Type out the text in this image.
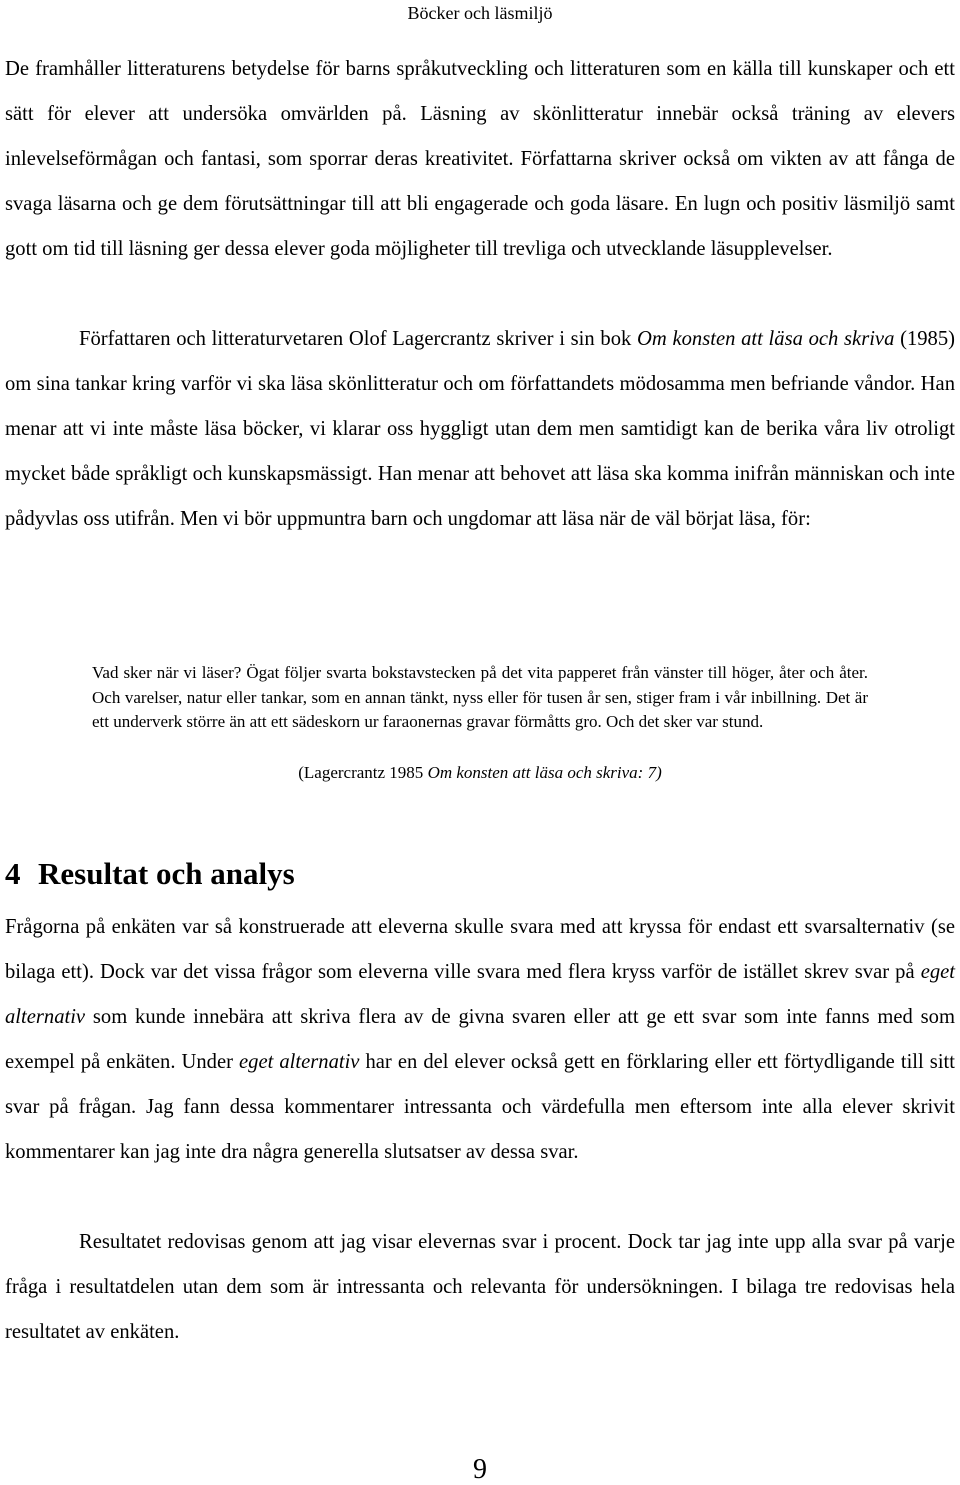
Böcker och läsmiljö

De framhåller litteraturens betydelse för barns språkutveckling och litteraturen som en källa till kunskaper och ett sätt för elever att undersöka omvärlden på. Läsning av skönlitteratur innebär också träning av elevers inlevelseförmågan och fantasi, som sporrar deras kreativitet. Författarna skriver också om vikten av att fånga de svaga läsarna och ge dem förutsättningar till att bli engagerade och goda läsare. En lugn och positiv läsmiljö samt gott om tid till läsning ger dessa elever goda möjligheter till trevliga och utvecklande läsupplevelser.

Författaren och litteraturvetaren Olof Lagercrantz skriver i sin bok Om konsten att läsa och skriva (1985) om sina tankar kring varför vi ska läsa skönlitteratur och om författandets mödosamma men befriande våndor. Han menar att vi inte måste läsa böcker, vi klarar oss hyggligt utan dem men samtidigt kan de berika våra liv otroligt mycket både språkligt och kunskapsmässigt. Han menar att behovet att läsa ska komma inifrån människan och inte pådyvlas oss utifrån. Men vi bör uppmuntra barn och ungdomar att läsa när de väl börjat läsa, för:

Vad sker när vi läser? Ögat följer svarta bokstavstecken på det vita papperet från vänster till höger, åter och åter. Och varelser, natur eller tankar, som en annan tänkt, nyss eller för tusen år sen, stiger fram i vår inbillning. Det är ett underverk större än att ett sädeskorn ur faraonernas gravar förmåtts gro. Och det sker var stund.

(Lagercrantz 1985 Om konsten att läsa och skriva: 7)

4 Resultat och analys

Frågorna på enkäten var så konstruerade att eleverna skulle svara med att kryssa för endast ett svarsalternativ (se bilaga ett). Dock var det vissa frågor som eleverna ville svara med flera kryss varför de istället skrev svar på eget alternativ som kunde innebära att skriva flera av de givna svaren eller att ge ett svar som inte fanns med som exempel på enkäten. Under eget alternativ har en del elever också gett en förklaring eller ett förtydligande till sitt svar på frågan. Jag fann dessa kommentarer intressanta och värdefulla men eftersom inte alla elever skrivit kommentarer kan jag inte dra några generella slutsatser av dessa svar.

Resultatet redovisas genom att jag visar elevernas svar i procent. Dock tar jag inte upp alla svar på varje fråga i resultatdelen utan dem som är intressanta och relevanta för undersökningen. I bilaga tre redovisas hela resultatet av enkäten.

9
